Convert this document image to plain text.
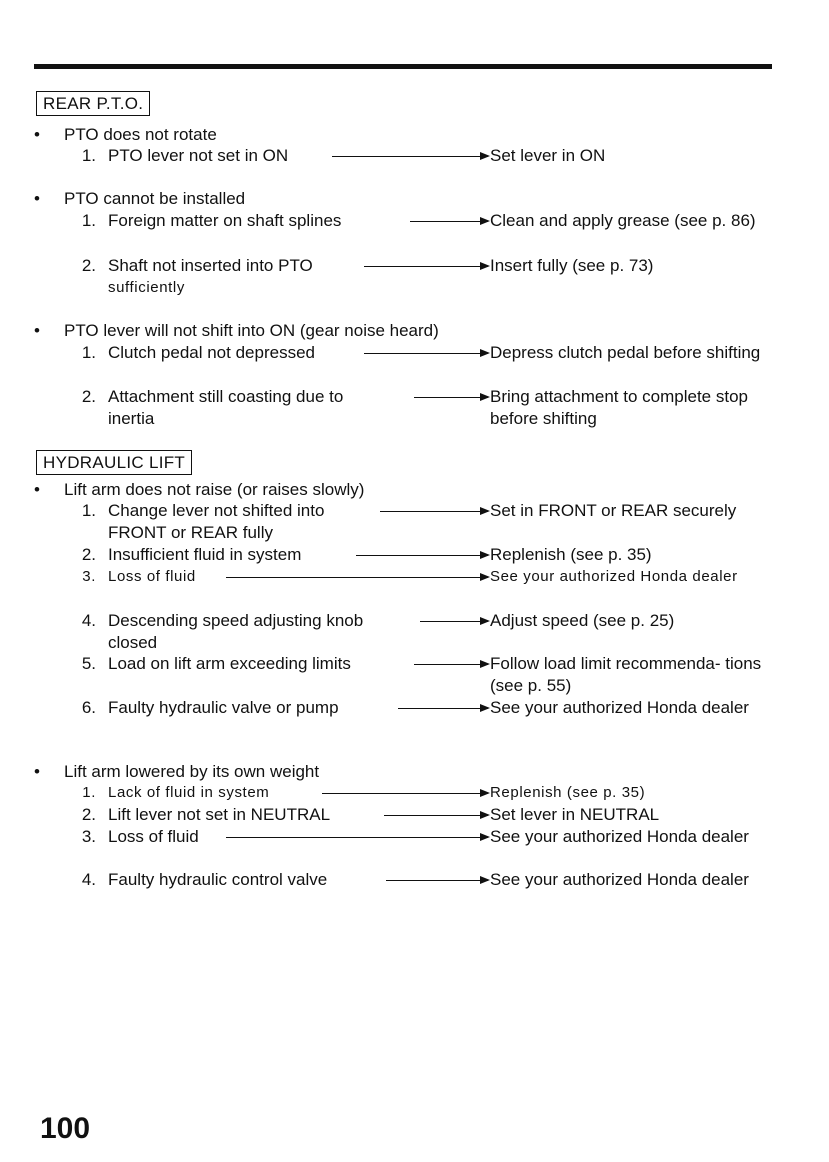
REAR P.T.O.
• PTO does not rotate
1. PTO lever not set in ON	Set lever in ON
• PTO cannot be installed
1. Foreign matter on shaft splines	Clean and apply grease (see p. 86)
2. Shaft not inserted into PTO	Insert fully (see p. 73)
sufficiently
• PTO lever will not shift into ON (gear noise heard)
1. Clutch pedal not depressed	Depress clutch pedal before shifting
2. Attachment still coasting due to	Bring attachment to complete stop before shifting
inertia
HYDRAULIC LIFT
• Lift arm does not raise (or raises slowly)
1. Change lever not shifted into	Set in FRONT or REAR securely
FRONT or REAR fully
2. Insufficient fluid in system	Replenish (see p. 35)
3. Loss of fluid	See your authorized Honda dealer
4. Descending speed adjusting knob	Adjust speed (see p. 25)
closed
5. Load on lift arm exceeding limits	Follow load limit recommenda- tions (see p. 55)
6. Faulty hydraulic valve or pump	See your authorized Honda dealer
• Lift arm lowered by its own weight
1. Lack of fluid in system	Replenish (see p. 35)
2. Lift lever not set in NEUTRAL	Set lever in NEUTRAL
3. Loss of fluid	See your authorized Honda dealer
4. Faulty hydraulic control valve	See your authorized Honda dealer
100
